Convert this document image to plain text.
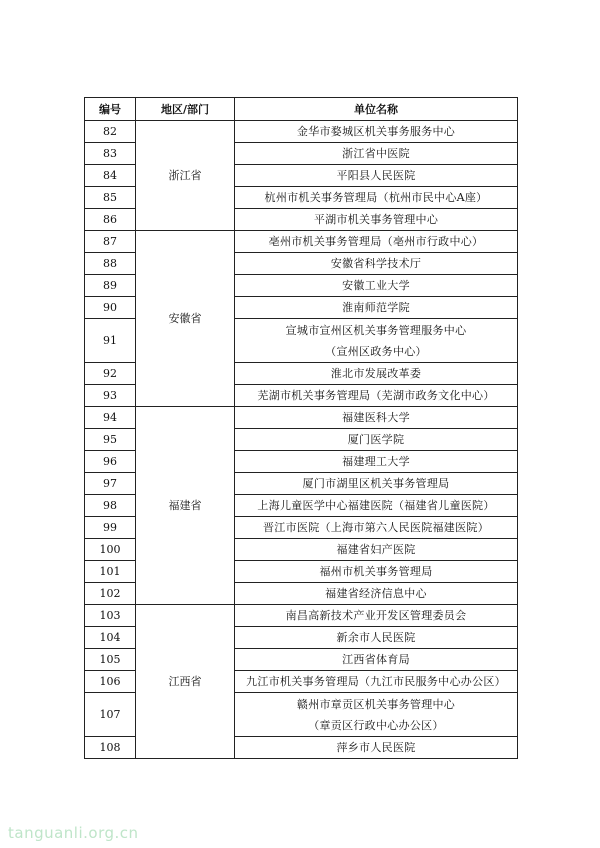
编号	地区/部门	单位名称
82	浙江省	金华市婺城区机关事务服务中心

83		浙江省中医院

84		平阳县人民医院

85		杭州市机关事务管理局（杭州市民中心A座）

86		平湖市机关事务管理中心

87	安徽省	亳州市机关事务管理局（亳州市行政中心）

88		安徽省科学技术厅

89		安徽工业大学

90		淮南师范学院

91		宣城市宣州区机关事务管理服务中心
（宣州区政务中心）

92		淮北市发展改革委

93		芜湖市机关事务管理局（芜湖市政务文化中心）

94	福建省	福建医科大学

95		厦门医学院

96		福建理工大学

97		厦门市湖里区机关事务管理局

98		上海儿童医学中心福建医院（福建省儿童医院）

99		晋江市医院（上海市第六人民医院福建医院）

100		福建省妇产医院

101		福州市机关事务管理局

102		福建省经济信息中心

103	江西省	南昌高新技术产业开发区管理委员会

104		新余市人民医院

105		江西省体育局

106		九江市机关事务管理局（九江市民服务中心办公区）

107		赣州市章贡区机关事务管理中心
（章贡区行政中心办公区）

108		萍乡市人民医院
tanguanli.org.cn
